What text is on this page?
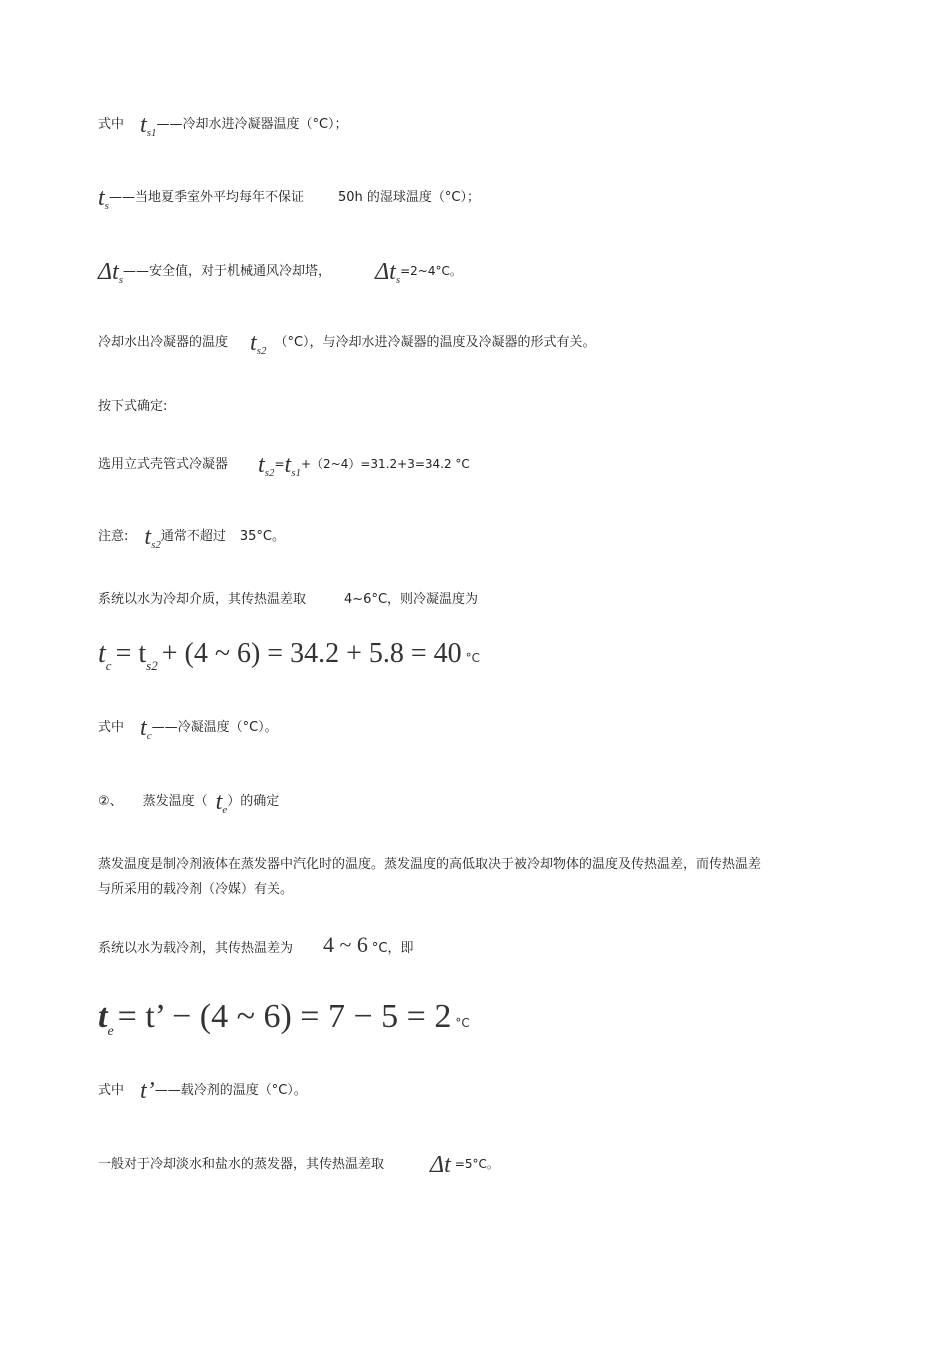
式中 $t_{s1}——$冷却水进冷凝器温度（°C）；
$t_s——$当地夏季室外平均每年不保证	50h 的湿球温度（°C）；
$\Delta t_s——$安全值，对于机械通风冷却塔， $\Delta t_s=2\sim 4^\circ C$。
冷却水出冷凝器的温度 $t_{s2}(^\circ C)$，与冷却水进冷凝器的温度及冷凝器的形式有关。
按下式确定:
选用立式壳管式冷凝器 $t_{s2}=t_{s1}+(2\sim 4)=31.2+3=34.2$ °C
注意: $t_{s2}$通常不超过 35°C。
系统以水为冷却介质，其传热温差取	4~6°C，则冷凝温度为
$t_c = t_{s2} + (4$ ~ 6) = 34.2 + 5.8 = 40 °C
式中 $t_c——$冷凝温度（°C）。
②、 蒸发温度（ $t_e$）的确定
蒸发温度是制冷剂液体在蒸发器中汽化时的温度。蒸发温度的高低取决于被冷却物体的温度及传热温差，而传热温差与所采用的载冷剂（冷媒）有关。
系统以水为载冷剂，其传热温差为 4 ~ 6 °C，即
te = t’ − (4 ~ 6) = 7 − 5 = 2 °C
式中 t’——载冷剂的温度（°C）。
一般对于冷却淡水和盐水的蒸发器，其传热温差取 Δt =5°C。
